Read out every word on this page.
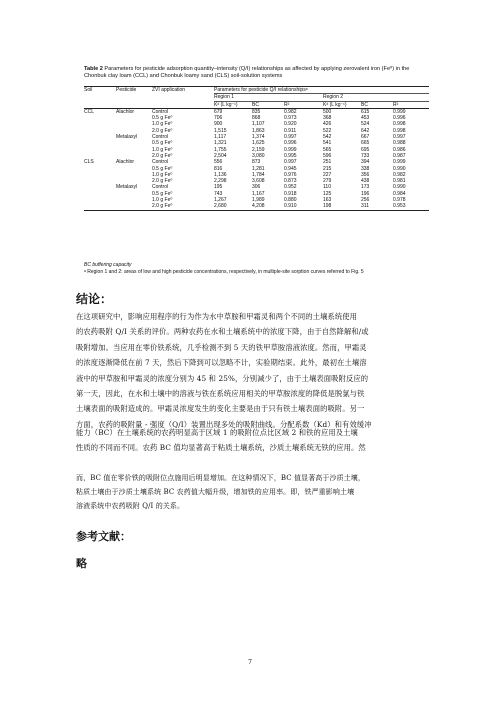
Table 2 Parameters for pesticide adsorption quantity–intensity (Q/I) relationships as affected by applying zerovalent iron (Fe⁰) in the Chonbuk clay loam (CCL) and Chonbuk loamy sand (CLS) soil-solution systems
Soil	Pesticide	ZVI application	Parameters for pesticide Q/I relationshipsᵃ					
			Region 1			Region 2		
			Kᵈ (L kg⁻¹)	BC	R²	Kᵈ (L kg⁻¹)	BC	R²
CCL	Alachlor	Control	679	835	0.982	500	615	0.999
		0.5 g Fe⁰	706	868	0.973	368	453	0.996
		1.0 g Fe⁰	900	1,107	0.920	426	524	0.998
		2.0 g Fe⁰	1,515	1,863	0.911	522	642	0.998
	Metalaxyl	Control	1,117	1,374	0.997	542	667	0.997
		0.5 g Fe⁰	1,321	1,625	0.996	541	665	0.988
		1.0 g Fe⁰	1,755	2,159	0.999	565	695	0.986
		2.0 g Fe⁰	2,504	3,080	0.995	596	733	0.987
CLS	Alachlor	Control	556	873	0.997	251	394	0.999
		0.5 g Fe⁰	816	1,281	0.945	215	338	0.990
		1.0 g Fe⁰	1,136	1,784	0.976	227	356	0.982
		2.0 g Fe⁰	2,298	3,608	0.873	279	438	0.981
	Metalaxyl	Control	195	306	0.952	110	173	0.990
		0.5 g Fe⁰	743	1,167	0.918	125	196	0.984
		1.0 g Fe⁰	1,267	1,989	0.880	163	256	0.978
		2.0 g Fe⁰	2,680	4,208	0.910	198	311	0.953
BC buffering capacity
ᵃ Region 1 and 2: areas of low and high pesticide concentrations, respectively, in multiple-site sorption curves referred to Fig. 5
结论：
在这项研究中，影响应用程序的行为作为水中草胺和甲霜灵和两个不同的土壤系统使用
的农药吸附 Q/I 关系的评价。两种农药在水和土壤系统中的浓度下降，由于自然降解和/或
吸附增加。当应用在零价铁系统，几乎检测不到 5 天的铁甲草胺溶液浓度。然而，甲霜灵
的浓度逐渐降低在前 7 天，然后下降到可以忽略不计，实验期结束。此外，最初在土壤溶
液中的甲草胺和甲霜灵的浓度分别为 45 和 25%，分别减少了，由于土壤表面吸附反应的
第一天，因此，在水和土壤中的溶液与铁在系统应用相关的甲草胺浓度的降低是脱氯与铁
土壤表面的吸附造成的。甲霜灵浓度发生的变化主要是由于只有铁土壤表面的吸附。另一
方面，农药的吸附量 - 强度（Q/I）装置出现多处的吸附曲线。分配系数（Kd）和有效缓冲
能力（BC）在土壤系统的农药明显高于区域 1 的吸附位点比区域 2 和铁的应用及土壤
性质的不同而不同。农药 BC 值均显著高于粘质土壤系统，沙质土壤系统无铁的应用。然
而，BC 值在零价铁的吸附位点施用后明显增加。在这种情况下，BC 值显著高于沙质土壤，
粘质土壤由于沙质土壤系统 BC 农药值大幅升级，增加铁的应用率。即，铁严重影响土壤
溶液系统中农药吸附 Q/I 的关系。
参考文献：
略
7
